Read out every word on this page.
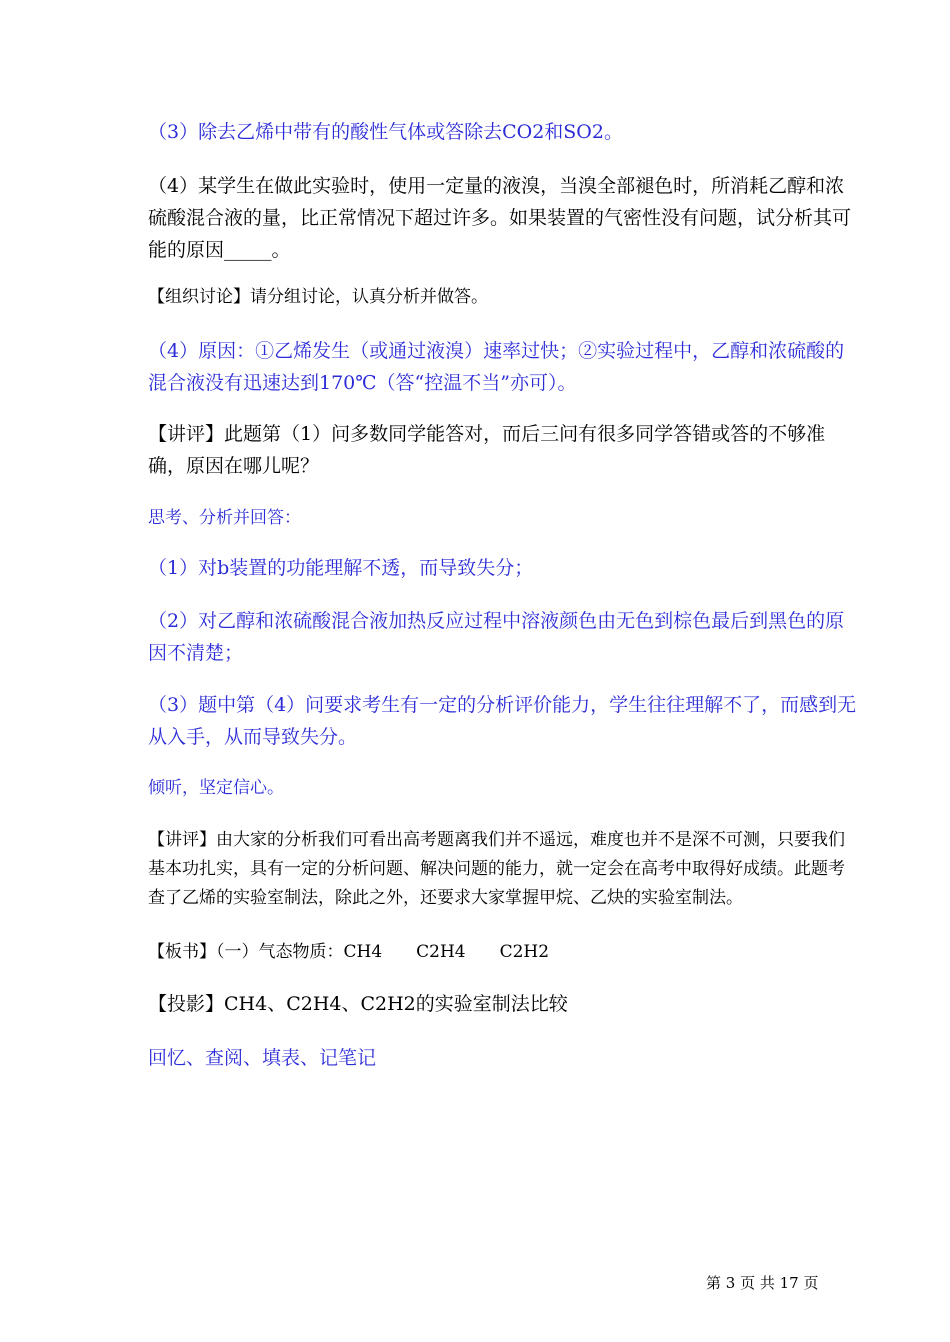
（3）除去乙烯中带有的酸性气体或答除去CO2和SO2。
（4）某学生在做此实验时，使用一定量的液溴，当溴全部褪色时，所消耗乙醇和浓硫酸混合液的量，比正常情况下超过许多。如果装置的气密性没有问题，试分析其可能的原因_____。
【组织讨论】请分组讨论，认真分析并做答。
（4）原因：①乙烯发生（或通过液溴）速率过快；②实验过程中，乙醇和浓硫酸的混合液没有迅速达到170℃（答“控温不当”亦可）。
【讲评】此题第（1）问多数同学能答对，而后三问有很多同学答错或答的不够准确，原因在哪儿呢？
思考、分析并回答：
（1）对b装置的功能理解不透，而导致失分；
（2）对乙醇和浓硫酸混合液加热反应过程中溶液颜色由无色到棕色最后到黑色的原因不清楚；
（3）题中第（4）问要求考生有一定的分析评价能力，学生往往理解不了，而感到无从入手，从而导致失分。
倾听，坚定信心。
【讲评】由大家的分析我们可看出高考题离我们并不遥远，难度也并不是深不可测，只要我们基本功扎实，具有一定的分析问题、解决问题的能力，就一定会在高考中取得好成绩。此题考查了乙烯的实验室制法，除此之外，还要求大家掌握甲烷、乙炔的实验室制法。
【板书】（一）气态物质：CH4　　C2H4　　C2H2
【投影】CH4、C2H4、C2H2的实验室制法比较
回忆、查阅、填表、记笔记
第 3 页 共 17 页
